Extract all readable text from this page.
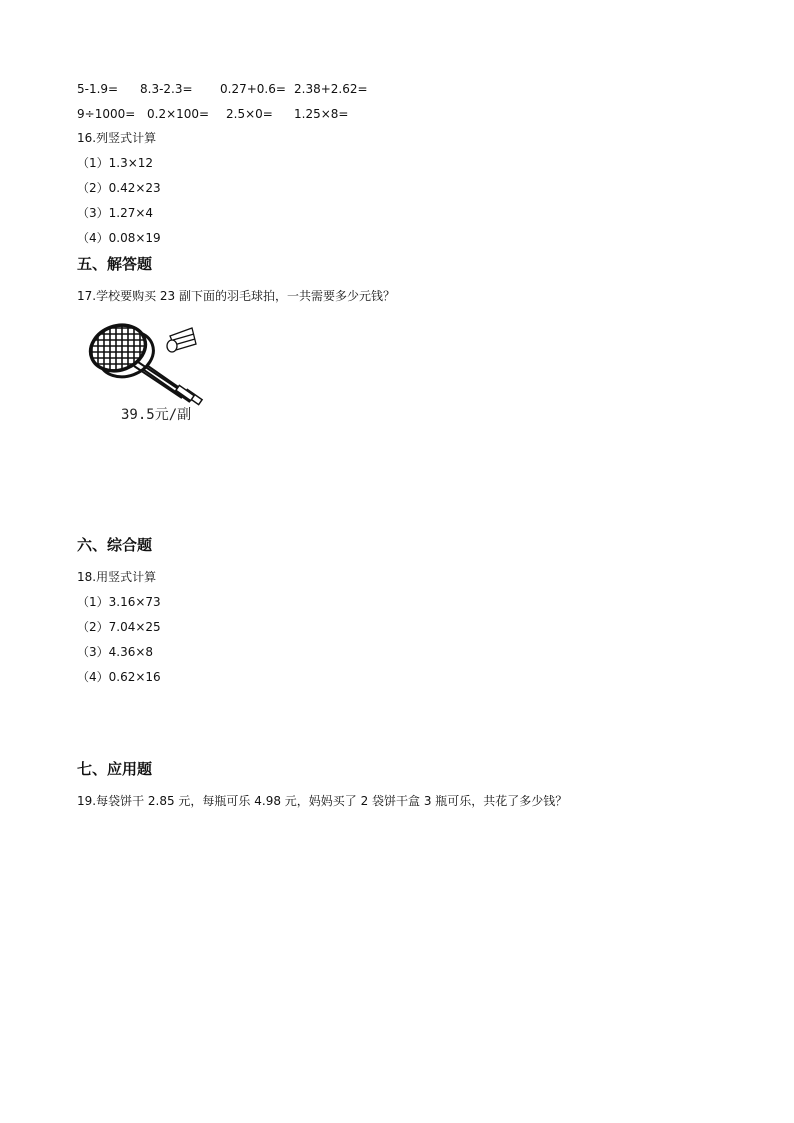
5-1.9= 8.3-2.3= 0.27+0.6= 2.38+2.62=
9÷1000= 0.2×100= 2.5×0= 1.25×8=
16.列竖式计算
（1）1.3×12
（2）0.42×23
（3）1.27×4
（4）0.08×19
五、解答题
17.学校要购买 23 副下面的羽毛球拍，一共需要多少元钱？
39.5元/副
六、综合题
18.用竖式计算
（1）3.16×73
（2）7.04×25
（3）4.36×8
（4）0.62×16
七、应用题
19.每袋饼干 2.85 元，每瓶可乐 4.98 元，妈妈买了 2 袋饼干盒 3 瓶可乐，共花了多少钱？
